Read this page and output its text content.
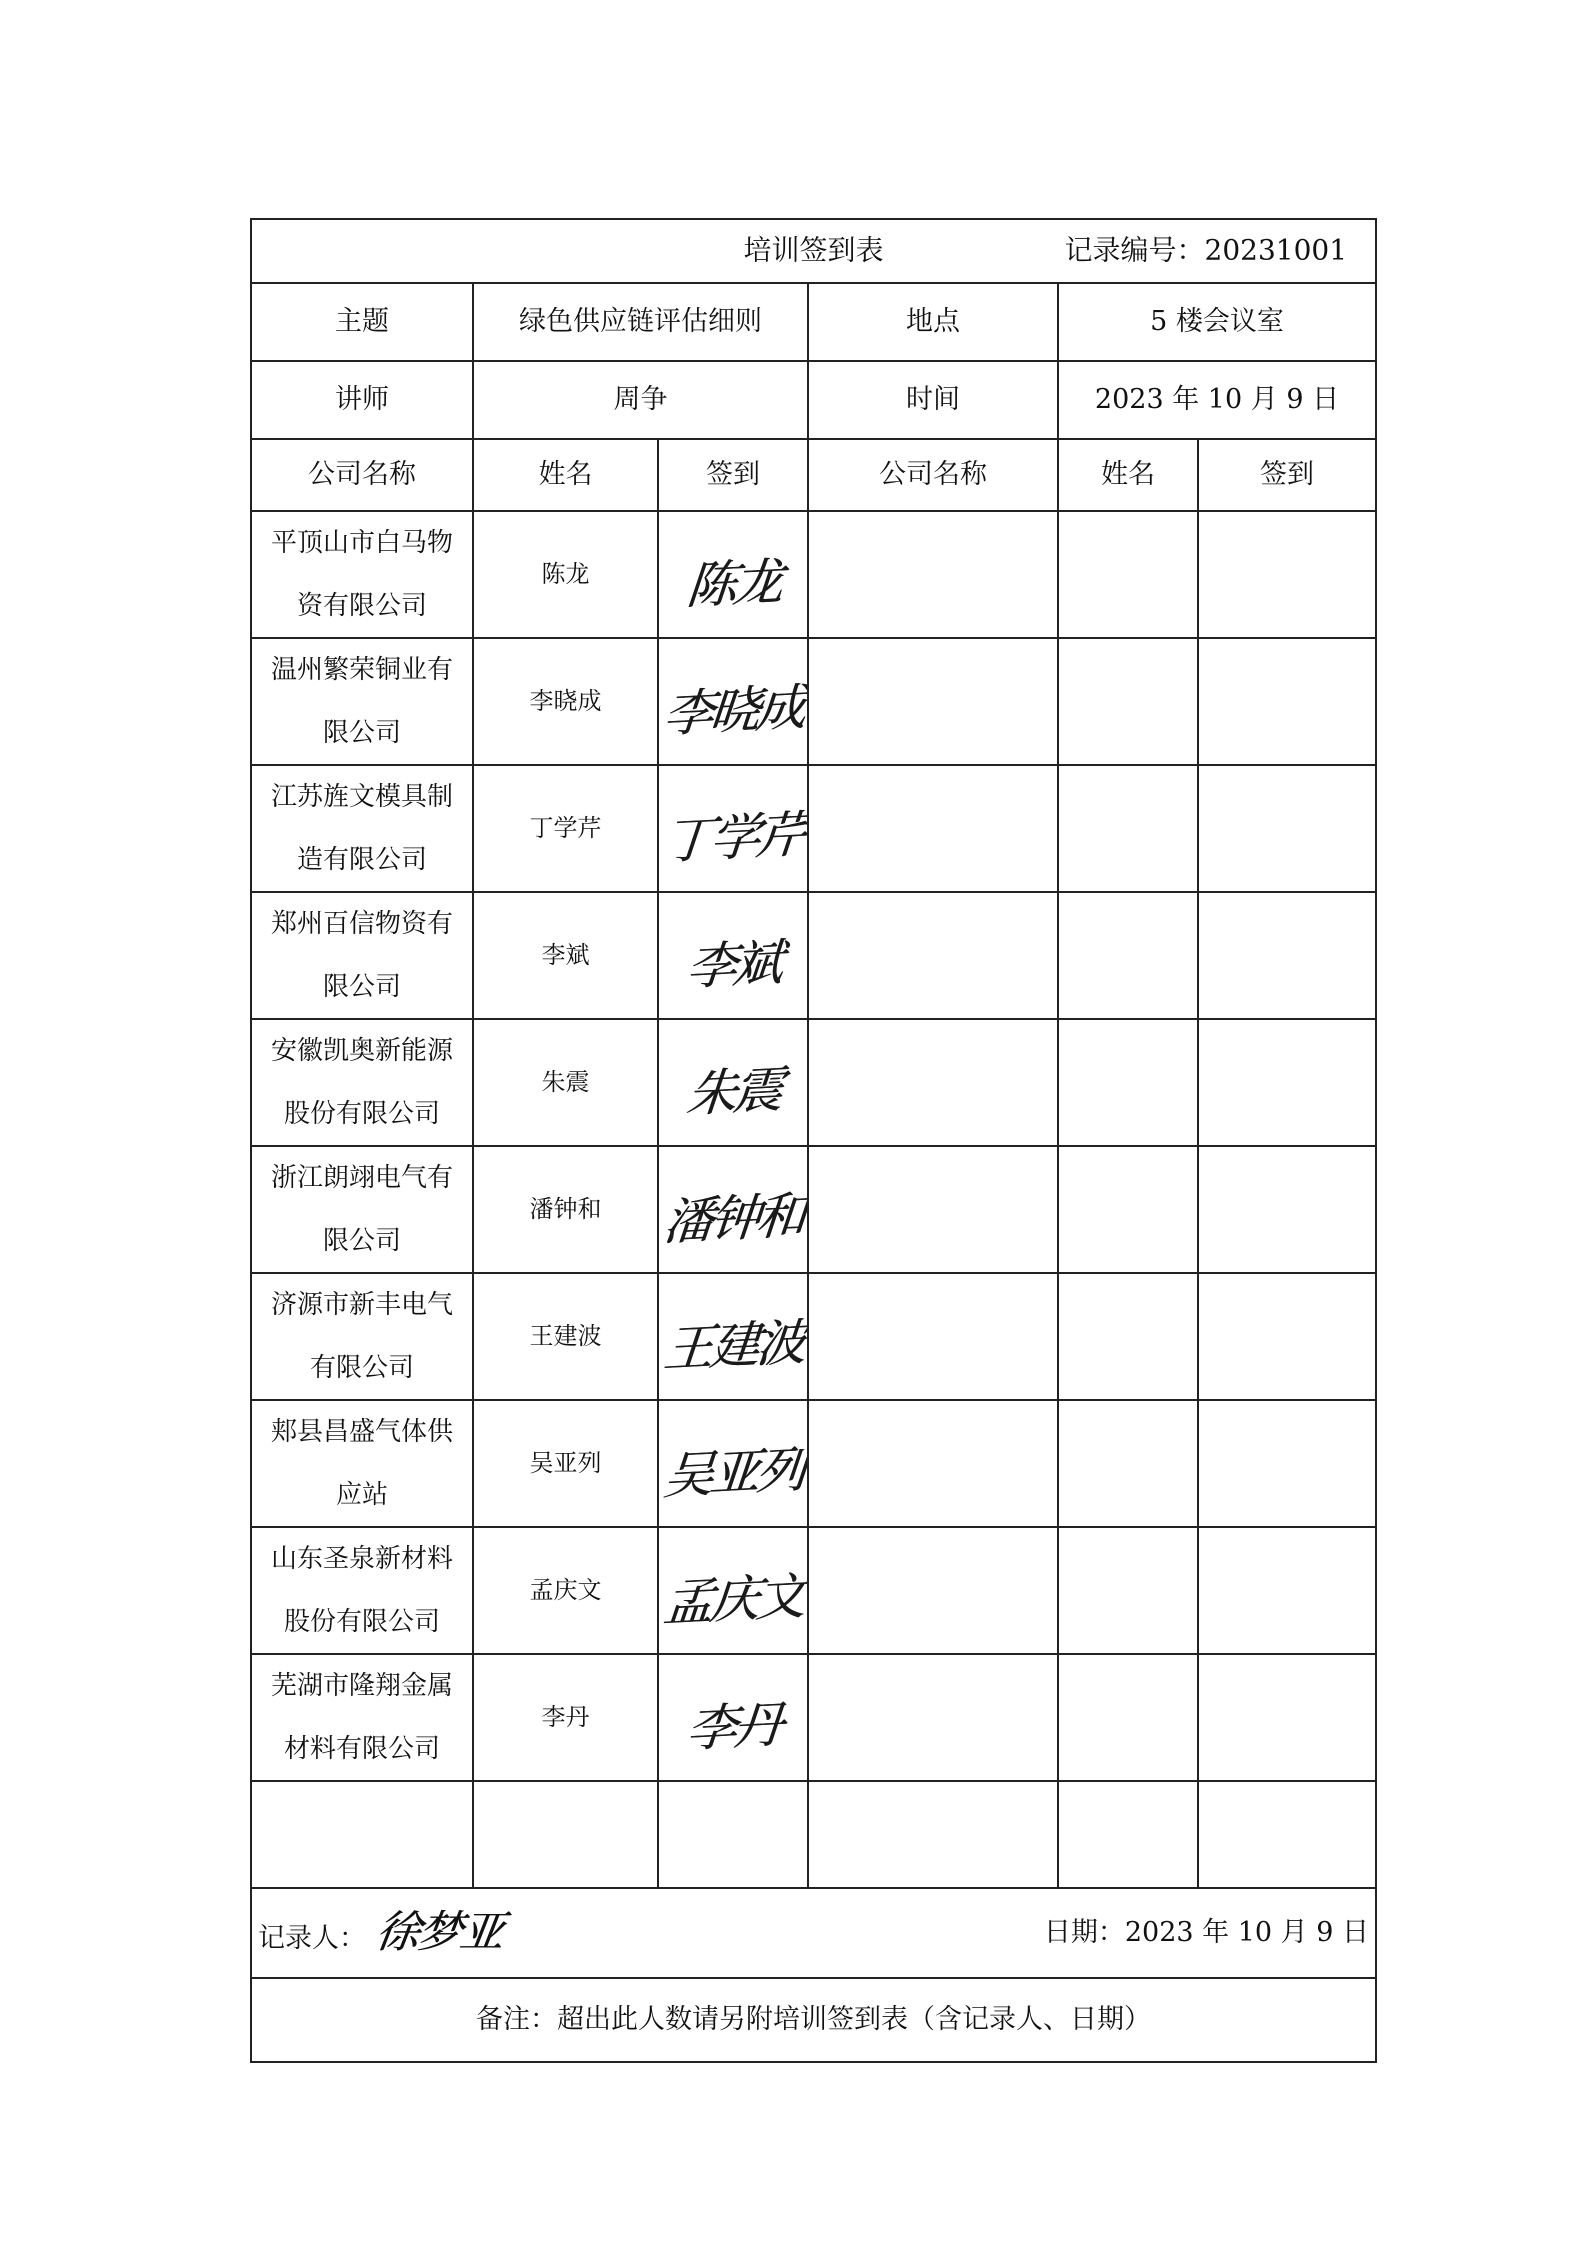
培训签到表 记录编号：20231001					

主题	绿色供应链评估细则		地点	5 楼会议室	
讲师	周争		时间	2023 年 10 月 9 日	
公司名称	姓名	签到	公司名称	姓名	签到
平顶山市白马物资有限公司	陈龙	陈龙			
温州繁荣铜业有限公司	李晓成	李晓成			
江苏旌文模具制造有限公司	丁学芹	丁学芹			
郑州百信物资有限公司	李斌	李斌			
安徽凯奥新能源股份有限公司	朱震	朱震			
浙江朗翊电气有限公司	潘钟和	潘钟和			
济源市新丰电气有限公司	王建波	王建波			
郏县昌盛气体供应站	吴亚列	吴亚列			
山东圣泉新材料股份有限公司	孟庆文	孟庆文			
芜湖市隆翔金属材料有限公司	李丹	李丹			

记录人： 徐梦亚 日期：2023 年 10 月 9 日					

备注：超出此人数请另附培训签到表（含记录人、日期）					
